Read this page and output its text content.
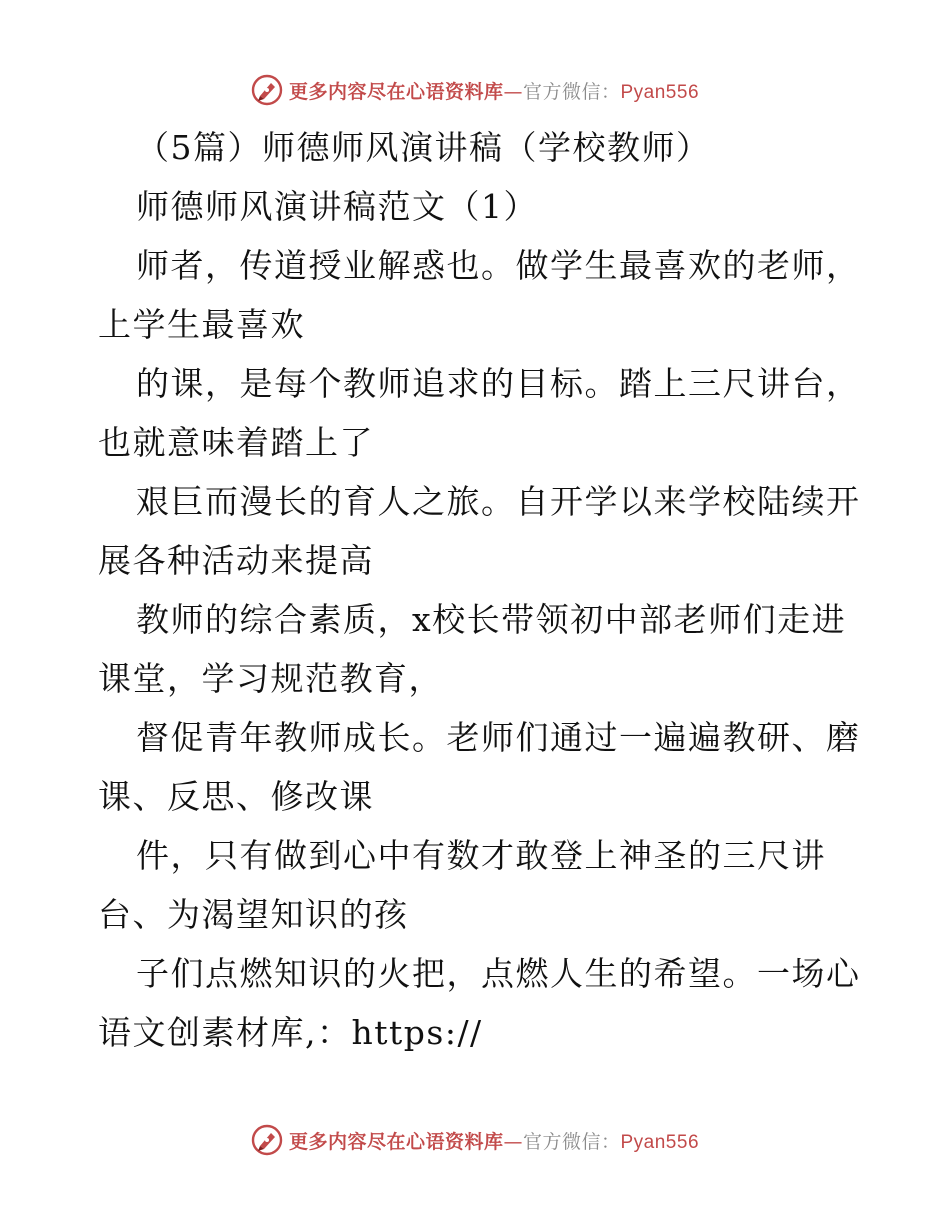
更多内容尽在心语资料库—官方微信：Pyan556
（5篇）师德师风演讲稿（学校教师）
师德师风演讲稿范文（1）
师者，传道授业解惑也。做学生最喜欢的老师，
上学生最喜欢
的课，是每个教师追求的目标。踏上三尺讲台，
也就意味着踏上了
艰巨而漫长的育人之旅。自开学以来学校陆续开
展各种活动来提高
教师的综合素质，x校长带领初中部老师们走进
课堂，学习规范教育，
督促青年教师成长。老师们通过一遍遍教研、磨
课、反思、修改课
件，只有做到心中有数才敢登上神圣的三尺讲
台、为渴望知识的孩
子们点燃知识的火把，点燃人生的希望。一场心
语文创素材库,：https://
更多内容尽在心语资料库—官方微信：Pyan556
